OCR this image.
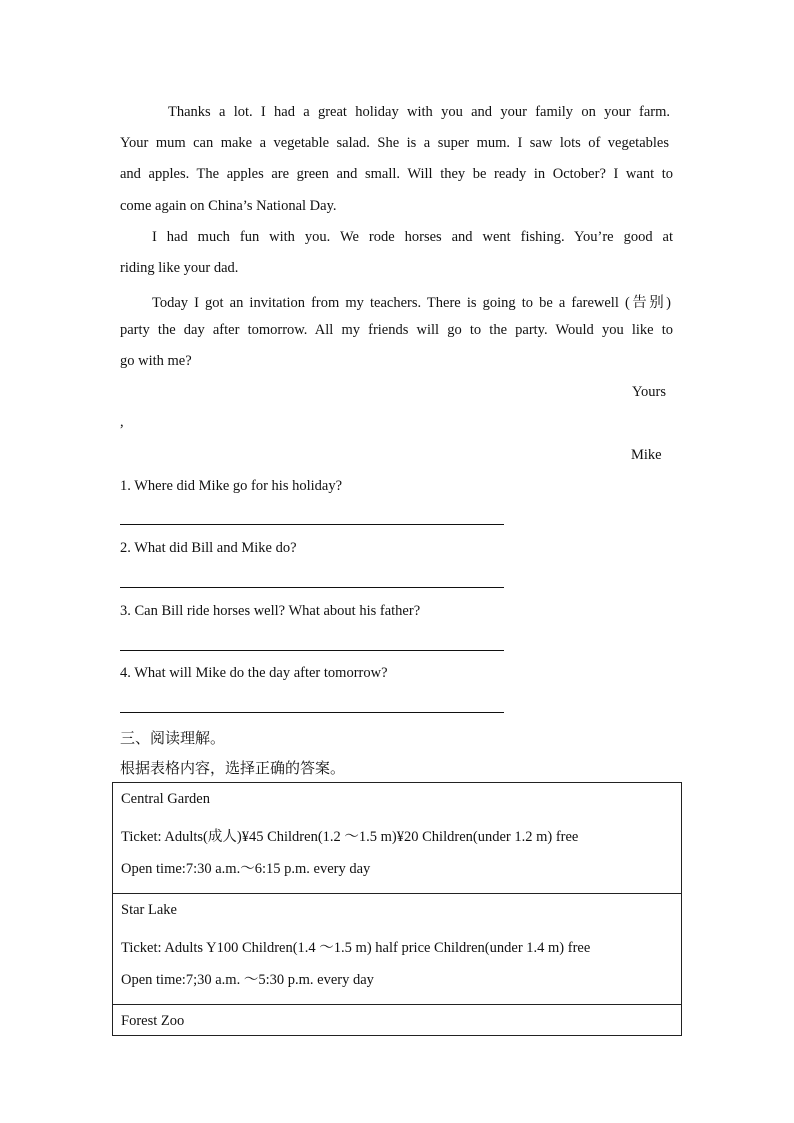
Thanks a lot. I had a great holiday with you and your family on your farm.
Your mum can make a vegetable salad. She is a super mum. I saw lots of vegetables
and apples. The apples are green and small. Will they be ready in October? I want to
come again on China’s National Day.
I had much fun with you. We rode horses and went fishing. You’re good at
riding like your dad.
Today I got an invitation from my teachers. There is going to be a farewell (告别)
party the day after tomorrow. All my friends will go to the party. Would you like to
go with me?
Yours
,
Mike
1. Where did Mike go for his holiday?
2. What did Bill and Mike do?
3. Can Bill ride horses well? What about his father?
4. What will Mike do the day after tomorrow?
三、阅读理解。
根据表格内容，选择正确的答案。
Central Garden
Ticket: Adults(成人)¥45 Children(1.2 ～1.5 m)¥20 Children(under 1.2 m) free
Open time:7:30 a.m.～6:15 p.m. every day
Star Lake
Ticket: Adults Y100 Children(1.4 ～1.5 m) half price Children(under 1.4 m) free
Open time:7;30 a.m. ～5:30 p.m. every day
Forest Zoo
